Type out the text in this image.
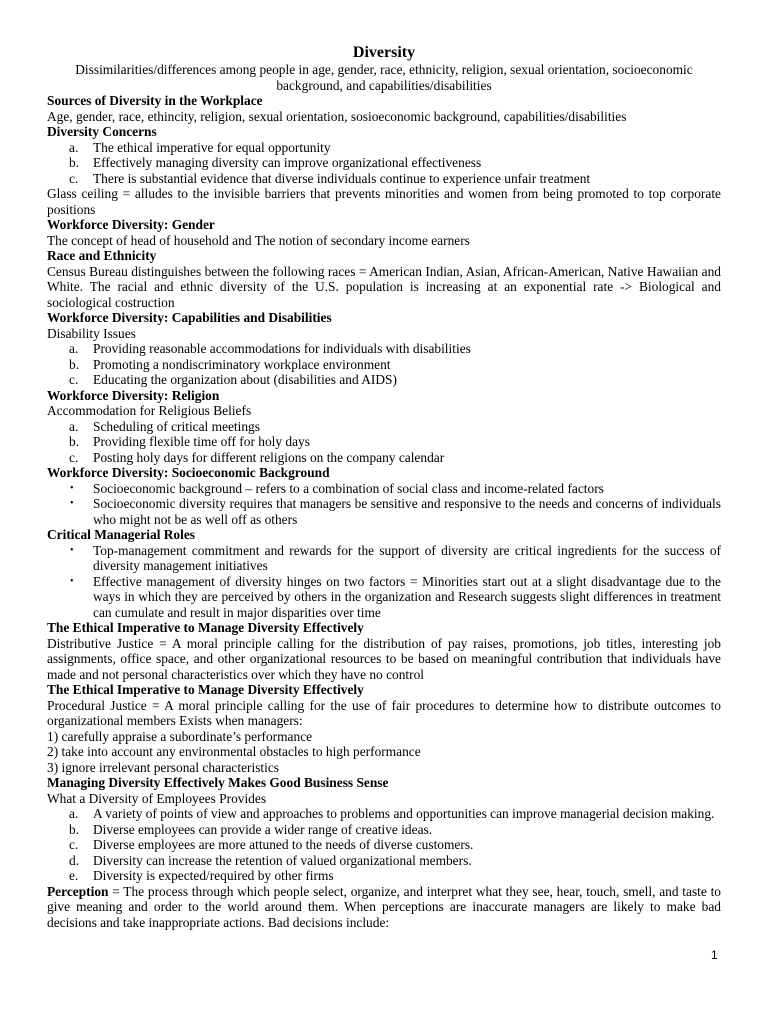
Diversity
Dissimilarities/differences among people in age, gender, race, ethnicity, religion, sexual orientation, socioeconomic background, and capabilities/disabilities
Sources of Diversity in the Workplace
Age, gender, race, ethincity, religion, sexual orientation, sosioeconomic background, capabilities/disabilities
Diversity Concerns
a.	The ethical imperative for equal opportunity
b.	Effectively managing diversity can improve organizational effectiveness
c.	There is substantial evidence that diverse individuals continue to experience unfair treatment
Glass ceiling = alludes to the invisible barriers that prevents minorities and women from being promoted to top corporate positions
Workforce Diversity: Gender
The concept of head of household and The notion of secondary income earners
Race and Ethnicity
Census Bureau distinguishes between the following races = American Indian, Asian, African-American, Native Hawaiian and White. The racial and ethnic diversity of the U.S. population is increasing at an exponential rate -> Biological and sociological costruction
Workforce Diversity: Capabilities and Disabilities
Disability Issues
a.	Providing reasonable accommodations for individuals with disabilities
b.	Promoting a nondiscriminatory workplace environment
c.	Educating the organization about (disabilities and AIDS)
Workforce Diversity: Religion
Accommodation for Religious Beliefs
a.	Scheduling of critical meetings
b.	Providing flexible time off for holy days
c.	Posting holy days for different religions on the company calendar
Workforce Diversity: Socioeconomic Background
•	Socioeconomic background – refers to a combination of social class and income-related factors
•	Socioeconomic diversity requires that managers be sensitive and responsive to the needs and concerns of individuals who might not be as well off as others
Critical Managerial Roles
•	Top-management commitment and rewards for the support of diversity are critical ingredients for the success of diversity management initiatives
•	Effective management of diversity hinges on two factors = Minorities start out at a slight disadvantage due to the ways in which they are perceived by others in the organization and Research suggests slight differences in treatment can cumulate and result in major disparities over time
The Ethical Imperative to Manage Diversity Effectively
Distributive Justice = A moral principle calling for the distribution of pay raises, promotions, job titles, interesting job assignments, office space, and other organizational resources to be based on meaningful contribution that individuals have made and not personal characteristics over which they have no control
The Ethical Imperative to Manage Diversity Effectively
Procedural Justice = A moral principle calling for the use of fair procedures to determine how to distribute outcomes to organizational members Exists when managers:
1) carefully appraise a subordinate’s performance
2) take into account any environmental obstacles to high performance
3) ignore irrelevant personal characteristics
Managing Diversity Effectively Makes Good Business Sense
What a Diversity of Employees Provides
a.	A variety of points of view and approaches to problems and opportunities can improve managerial decision making.
b.	Diverse employees can provide a wider range of creative ideas.
c.	Diverse employees are more attuned to the needs of diverse customers.
d.	Diversity can increase the retention of valued organizational members.
e.	Diversity is expected/required by other firms
Perception = The process through which people select, organize, and interpret what they see, hear, touch, smell, and taste to give meaning and order to the world around them. When perceptions are inaccurate managers are likely to make bad decisions and take inappropriate actions. Bad decisions include:
1
